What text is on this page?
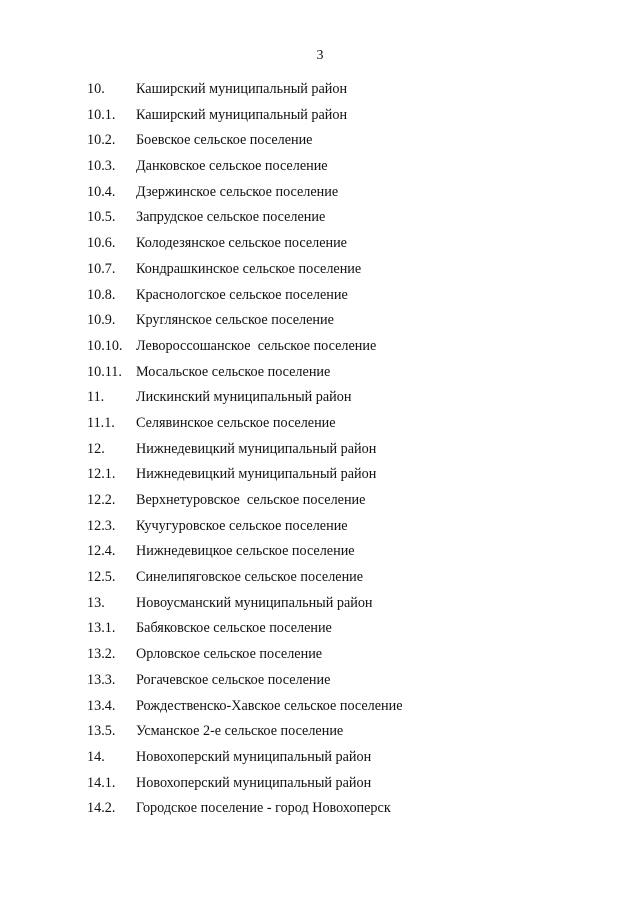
3
10. Каширский муниципальный район
10.1. Каширский муниципальный район
10.2. Боевское сельское поселение
10.3. Данковское сельское поселение
10.4. Дзержинское сельское поселение
10.5. Запрудское сельское поселение
10.6. Колодезянское сельское поселение
10.7. Кондрашкинское сельское поселение
10.8. Краснологское сельское поселение
10.9. Круглянское сельское поселение
10.10. Левороссошанское  сельское поселение
10.11. Мосальское сельское поселение
11. Лискинский муниципальный район
11.1. Селявинское сельское поселение
12. Нижнедевицкий муниципальный район
12.1. Нижнедевицкий муниципальный район
12.2. Верхнетуровское  сельское поселение
12.3. Кучугуровское сельское поселение
12.4. Нижнедевицкое сельское поселение
12.5. Синелипяговское сельское поселение
13. Новоусманский муниципальный район
13.1. Бабяковское сельское поселение
13.2. Орловское сельское поселение
13.3. Рогачевское сельское поселение
13.4. Рождественско-Хавское сельское поселение
13.5. Усманское 2-е сельское поселение
14. Новохоперский муниципальный район
14.1. Новохоперский муниципальный район
14.2. Городское поселение - город Новохоперск
